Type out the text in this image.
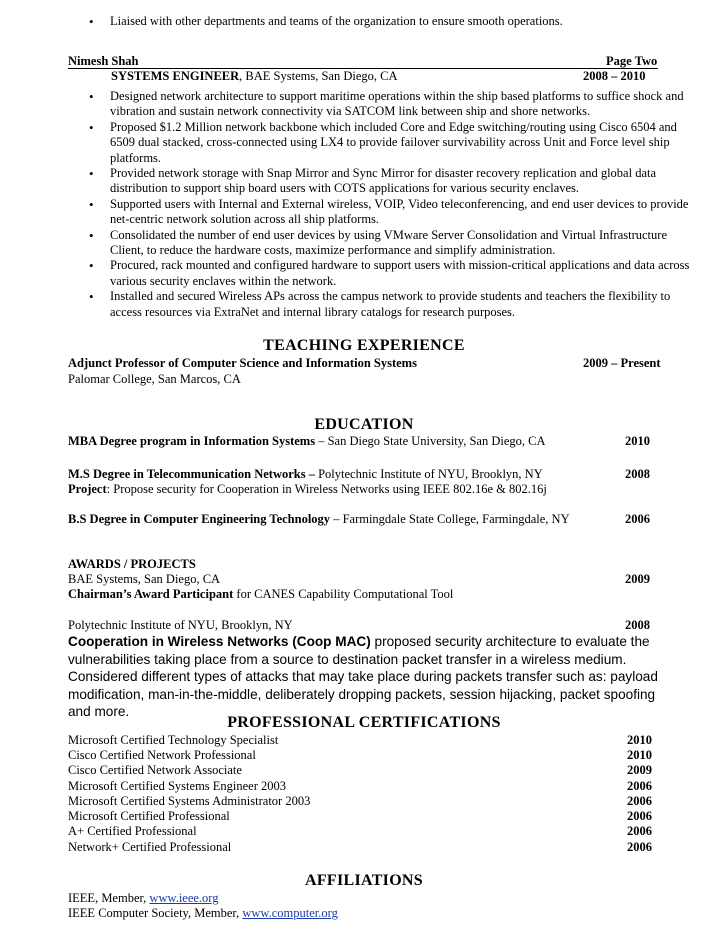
• Liaised with other departments and teams of the organization to ensure smooth operations.
Nimesh Shah	Page Two
SYSTEMS ENGINEER, BAE Systems, San Diego, CA	2008 – 2010
• Designed network architecture to support maritime operations within the ship based platforms to suffice shock and vibration and sustain network connectivity via SATCOM link between ship and shore networks.
• Proposed $1.2 Million network backbone which included Core and Edge switching/routing using Cisco 6504 and 6509 dual stacked, cross-connected using LX4 to provide failover survivability across Unit and Force level ship platforms.
• Provided network storage with Snap Mirror and Sync Mirror for disaster recovery replication and global data distribution to support ship board users with COTS applications for various security enclaves.
• Supported users with Internal and External wireless, VOIP, Video teleconferencing, and end user devices to provide net-centric network solution across all ship platforms.
• Consolidated the number of end user devices by using VMware Server Consolidation and Virtual Infrastructure Client, to reduce the hardware costs, maximize performance and simplify administration.
• Procured, rack mounted and configured hardware to support users with mission-critical applications and data across various security enclaves within the network.
• Installed and secured Wireless APs across the campus network to provide students and teachers the flexibility to access resources via ExtraNet and internal library catalogs for research purposes.
TEACHING EXPERIENCE
Adjunct Professor of Computer Science and Information Systems	2009 – Present
Palomar College, San Marcos, CA
EDUCATION
MBA Degree program in Information Systems – San Diego State University, San Diego, CA	2010
M.S Degree in Telecommunication Networks – Polytechnic Institute of NYU, Brooklyn, NY	2008
Project: Propose security for Cooperation in Wireless Networks using IEEE 802.16e & 802.16j
B.S Degree in Computer Engineering Technology – Farmingdale State College, Farmingdale, NY	2006
AWARDS / PROJECTS
BAE Systems, San Diego, CA	2009
Chairman’s Award Participant for CANES Capability Computational Tool
Polytechnic Institute of NYU, Brooklyn, NY	2008
Cooperation in Wireless Networks (Coop MAC) proposed security architecture to evaluate the vulnerabilities taking place from a source to destination packet transfer in a wireless medium. Considered different types of attacks that may take place during packets transfer such as: payload modification, man-in-the-middle, deliberately dropping packets, session hijacking, packet spoofing and more.
PROFESSIONAL CERTIFICATIONS
Microsoft Certified Technology Specialist	2010
Cisco Certified Network Professional	2010
Cisco Certified Network Associate	2009
Microsoft Certified Systems Engineer 2003	2006
Microsoft Certified Systems Administrator 2003	2006
Microsoft Certified Professional	2006
A+ Certified Professional	2006
Network+ Certified Professional	2006
AFFILIATIONS
IEEE, Member, www.ieee.org
IEEE Computer Society, Member, www.computer.org
